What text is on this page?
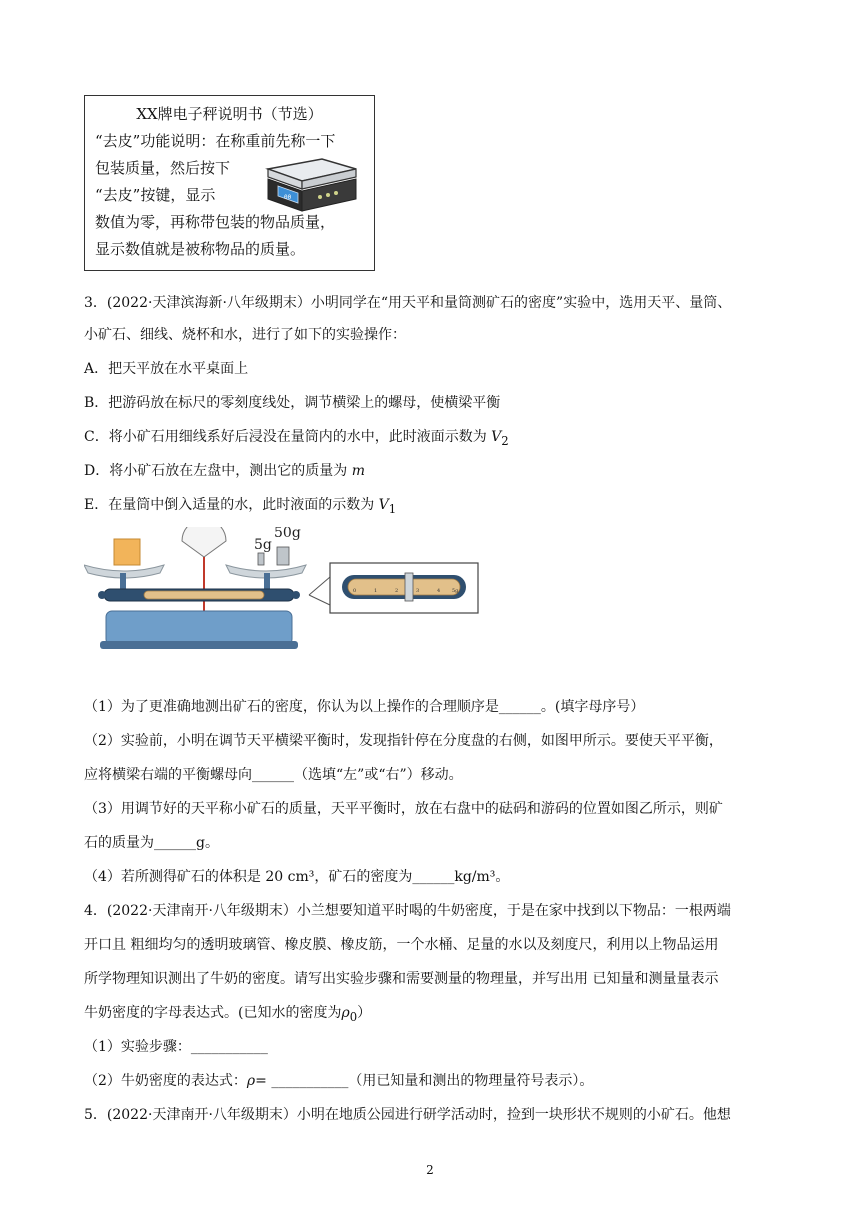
XX牌电子秤说明书（节选）
“去皮”功能说明：在称重前先称一下
包装质量，然后按下
“去皮”按键，显示
数值为零，再称带包装的物品质量，
显示数值就是被称物品的质量。
00
3．(2022·天津滨海新·八年级期末）小明同学在“用天平和量筒测矿石的密度”实验中，选用天平、量筒、
小矿石、细线、烧杯和水，进行了如下的实验操作：
A．把天平放在水平桌面上
B．把游码放在标尺的零刻度线处，调节横梁上的螺母，使横梁平衡
C．将小矿石用细线系好后浸没在量筒内的水中，此时液面示数为 $V_2$
D．将小矿石放在左盘中，测出它的质量为 m
E．在量筒中倒入适量的水，此时液面的示数为 $V_1$
5g
50g
0	1	2	3	4 5g
（1）为了更准确地测出矿石的密度，你认为以上操作的合理顺序是______。(填字母序号）
（2）实验前，小明在调节天平横梁平衡时，发现指针停在分度盘的右侧，如图甲所示。要使天平平衡，
应将横梁右端的平衡螺母向______（选填“左”或“右”）移动。
（3）用调节好的天平称小矿石的质量，天平平衡时，放在右盘中的砝码和游码的位置如图乙所示，则矿
石的质量为______g。
（4）若所测得矿石的体积是 20 cm³，矿石的密度为______kg/m³。
4．(2022·天津南开·八年级期末）小兰想要知道平时喝的牛奶密度，于是在家中找到以下物品：一根两端
开口且 粗细均匀的透明玻璃管、橡皮膜、橡皮筋，一个水桶、足量的水以及刻度尺，利用以上物品运用
所学物理知识测出了牛奶的密度。请写出实验步骤和需要测量的物理量，并写出用 已知量和测量量表示
牛奶密度的字母表达式。(已知水的密度为$\rho_0$）
（1）实验步骤：___________
（2）牛奶密度的表达式：ρ= ___________（用已知量和测出的物理量符号表示）。
5．(2022·天津南开·八年级期末）小明在地质公园进行研学活动时，捡到一块形状不规则的小矿石。他想
2
